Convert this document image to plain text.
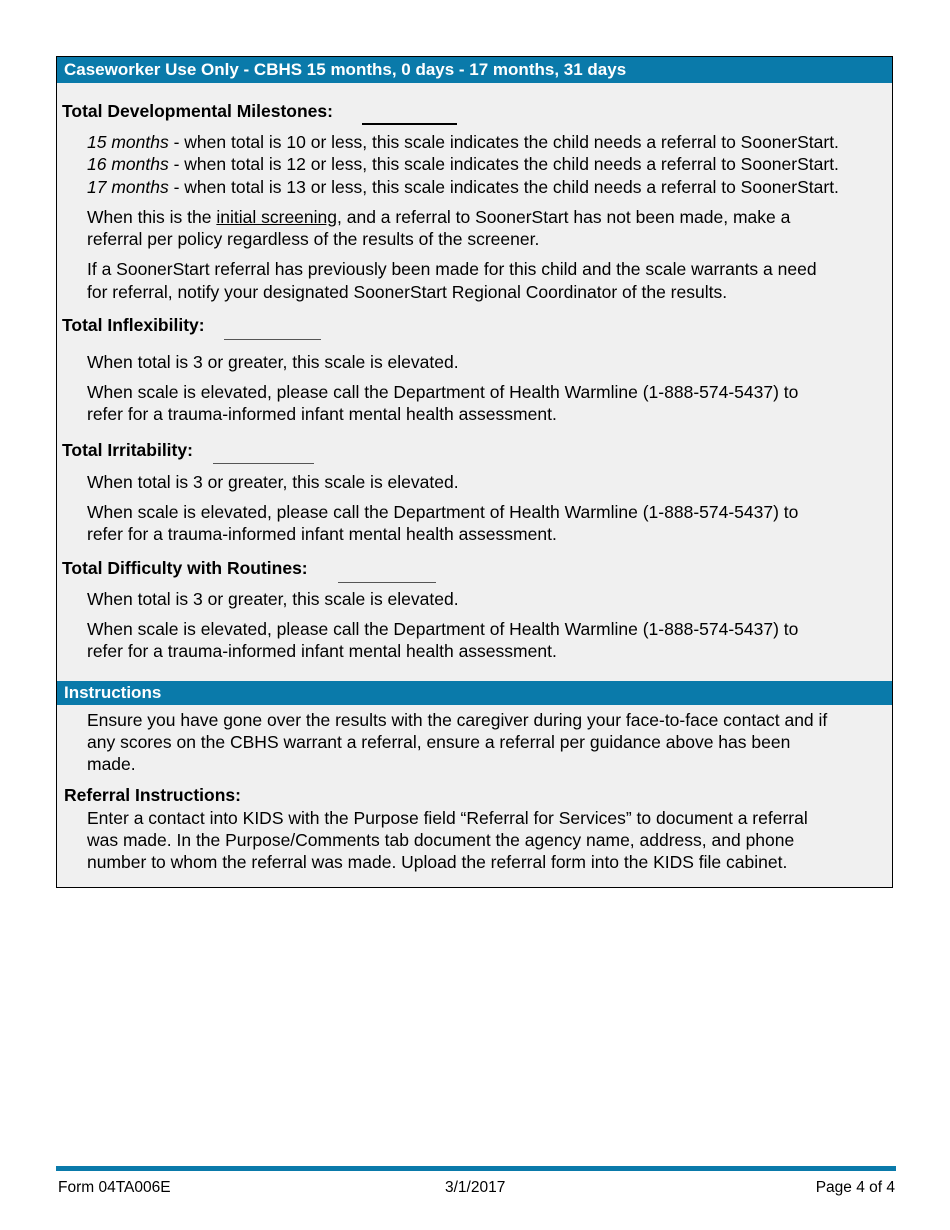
Caseworker Use Only - CBHS 15 months, 0 days - 17 months, 31 days
Total Developmental Milestones:
15 months - when total is 10 or less, this scale indicates the child needs a referral to SoonerStart.
16 months - when total is 12 or less, this scale indicates the child needs a referral to SoonerStart.
17 months - when total is 13 or less, this scale indicates the child needs a referral to SoonerStart.
When this is the initial screening, and a referral to SoonerStart has not been made, make a
referral per policy regardless of the results of the screener.
If a SoonerStart referral has previously been made for this child and the scale warrants a need
for referral, notify your designated SoonerStart Regional Coordinator of the results.
Total Inflexibility:
When total is 3 or greater, this scale is elevated.
When scale is elevated, please call the Department of Health Warmline (1-888-574-5437) to
refer for a trauma-informed infant mental health assessment.
Total Irritability:
When total is 3 or greater, this scale is elevated.
When scale is elevated, please call the Department of Health Warmline (1-888-574-5437) to
refer for a trauma-informed infant mental health assessment.
Total Difficulty with Routines:
When total is 3 or greater, this scale is elevated.
When scale is elevated, please call the Department of Health Warmline (1-888-574-5437) to
refer for a trauma-informed infant mental health assessment.
Instructions
Ensure you have gone over the results with the caregiver during your face-to-face contact and if
any scores on the CBHS warrant a referral, ensure a referral per guidance above has been
made.
Referral Instructions:
Enter a contact into KIDS with the Purpose field “Referral for Services” to document a referral
was made. In the Purpose/Comments tab document the agency name, address, and phone
number to whom the referral was made. Upload the referral form into the KIDS file cabinet.
Form 04TA006E	3/1/2017	Page 4 of 4
